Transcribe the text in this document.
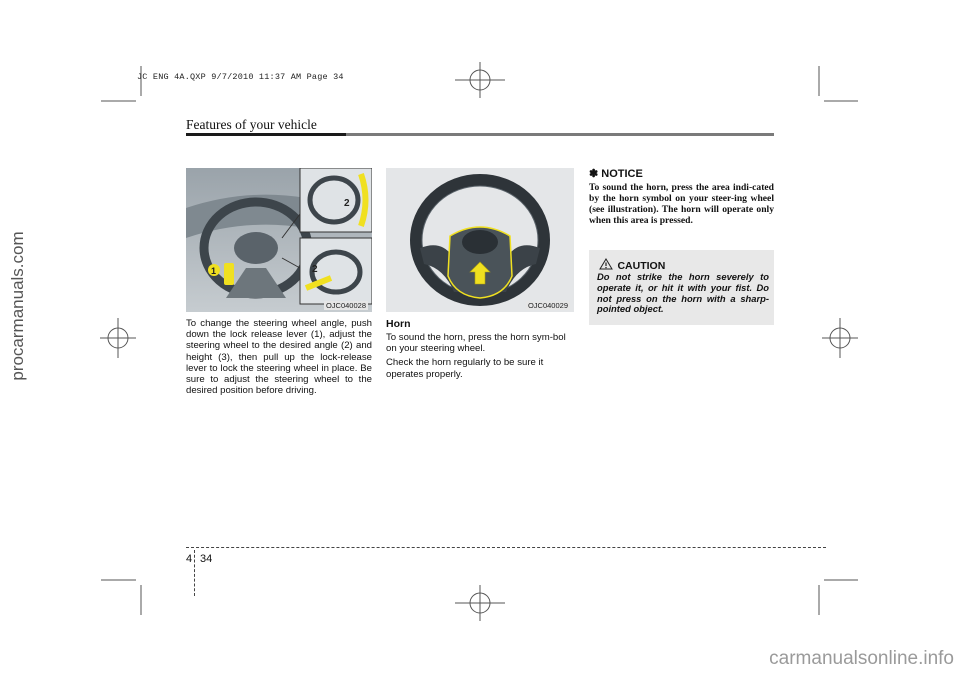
JC ENG 4A.QXP 9/7/2010 11:37 AM Page 34
procarmanuals.com
Features of your vehicle
1
2
2
OJC040028

To change the steering wheel angle, push down the lock release lever (1), adjust the steering wheel to the desired angle (2) and height (3), then pull up the lock-release lever to lock the steering wheel in place. Be sure to adjust the steering wheel to the desired position before driving.

OJC040029
Horn

To sound the horn, press the horn sym-bol on your steering wheel.

Check the horn regularly to be sure it operates properly.

✽ NOTICE
To sound the horn, press the area indi-cated by the horn symbol on your steer-ing wheel (see illustration). The horn will operate only when this area is pressed.
CAUTION
Do not strike the horn severely to operate it, or hit it with your fist. Do not press on the horn with a sharp-pointed object.
4 34
carmanualsonline.info
